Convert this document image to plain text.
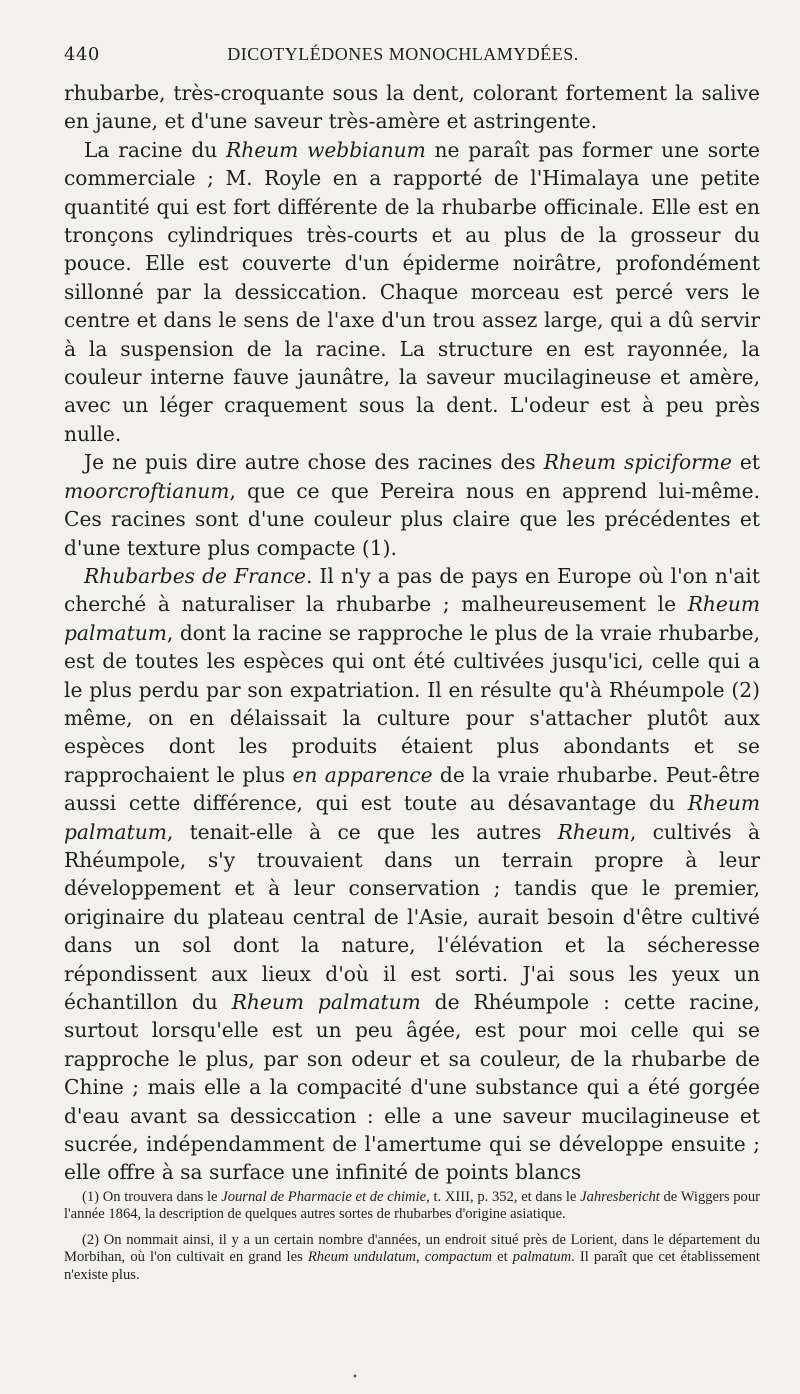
440	DICOTYLÉDONES MONOCHLAMYDÉES.

rhubarbe, très-croquante sous la dent, colorant fortement la salive en jaune, et d'une saveur très-amère et astringente.

La racine du Rheum webbianum ne paraît pas former une sorte commerciale ; M. Royle en a rapporté de l'Himalaya une petite quantité qui est fort différente de la rhubarbe officinale. Elle est en tronçons cylindriques très-courts et au plus de la grosseur du pouce. Elle est couverte d'un épiderme noirâtre, profondément sillonné par la dessiccation. Chaque morceau est percé vers le centre et dans le sens de l'axe d'un trou assez large, qui a dû servir à la suspension de la racine. La structure en est rayonnée, la couleur interne fauve jaunâtre, la saveur mucilagineuse et amère, avec un léger craquement sous la dent. L'odeur est à peu près nulle.

Je ne puis dire autre chose des racines des Rheum spiciforme et moorcroftianum, que ce que Pereira nous en apprend lui-même. Ces racines sont d'une couleur plus claire que les précédentes et d'une texture plus compacte (1).

Rhubarbes de France. Il n'y a pas de pays en Europe où l'on n'ait cherché à naturaliser la rhubarbe ; malheureusement le Rheum palmatum, dont la racine se rapproche le plus de la vraie rhubarbe, est de toutes les espèces qui ont été cultivées jusqu'ici, celle qui a le plus perdu par son expatriation. Il en résulte qu'à Rhéumpole (2) même, on en délaissait la culture pour s'attacher plutôt aux espèces dont les produits étaient plus abondants et se rapprochaient le plus en apparence de la vraie rhubarbe. Peut-être aussi cette différence, qui est toute au désavantage du Rheum palmatum, tenait-elle à ce que les autres Rheum, cultivés à Rhéumpole, s'y trouvaient dans un terrain propre à leur développement et à leur conservation ; tandis que le premier, originaire du plateau central de l'Asie, aurait besoin d'être cultivé dans un sol dont la nature, l'élévation et la sécheresse répondissent aux lieux d'où il est sorti. J'ai sous les yeux un échantillon du Rheum palmatum de Rhéumpole : cette racine, surtout lorsqu'elle est un peu âgée, est pour moi celle qui se rapproche le plus, par son odeur et sa couleur, de la rhubarbe de Chine ; mais elle a la compacité d'une substance qui a été gorgée d'eau avant sa dessiccation : elle a une saveur mucilagineuse et sucrée, indépendamment de l'amertume qui se développe ensuite ; elle offre à sa surface une infinité de points blancs

(1) On trouvera dans le Journal de Pharmacie et de chimie, t. XIII, p. 352, et dans le Jahresbericht de Wiggers pour l'année 1864, la description de quelques autres sortes de rhubarbes d'origine asiatique.

(2) On nommait ainsi, il y a un certain nombre d'années, un endroit situé près de Lorient, dans le département du Morbihan, où l'on cultivait en grand les Rheum undulatum, compactum et palmatum. Il paraît que cet établissement n'existe plus.

•
